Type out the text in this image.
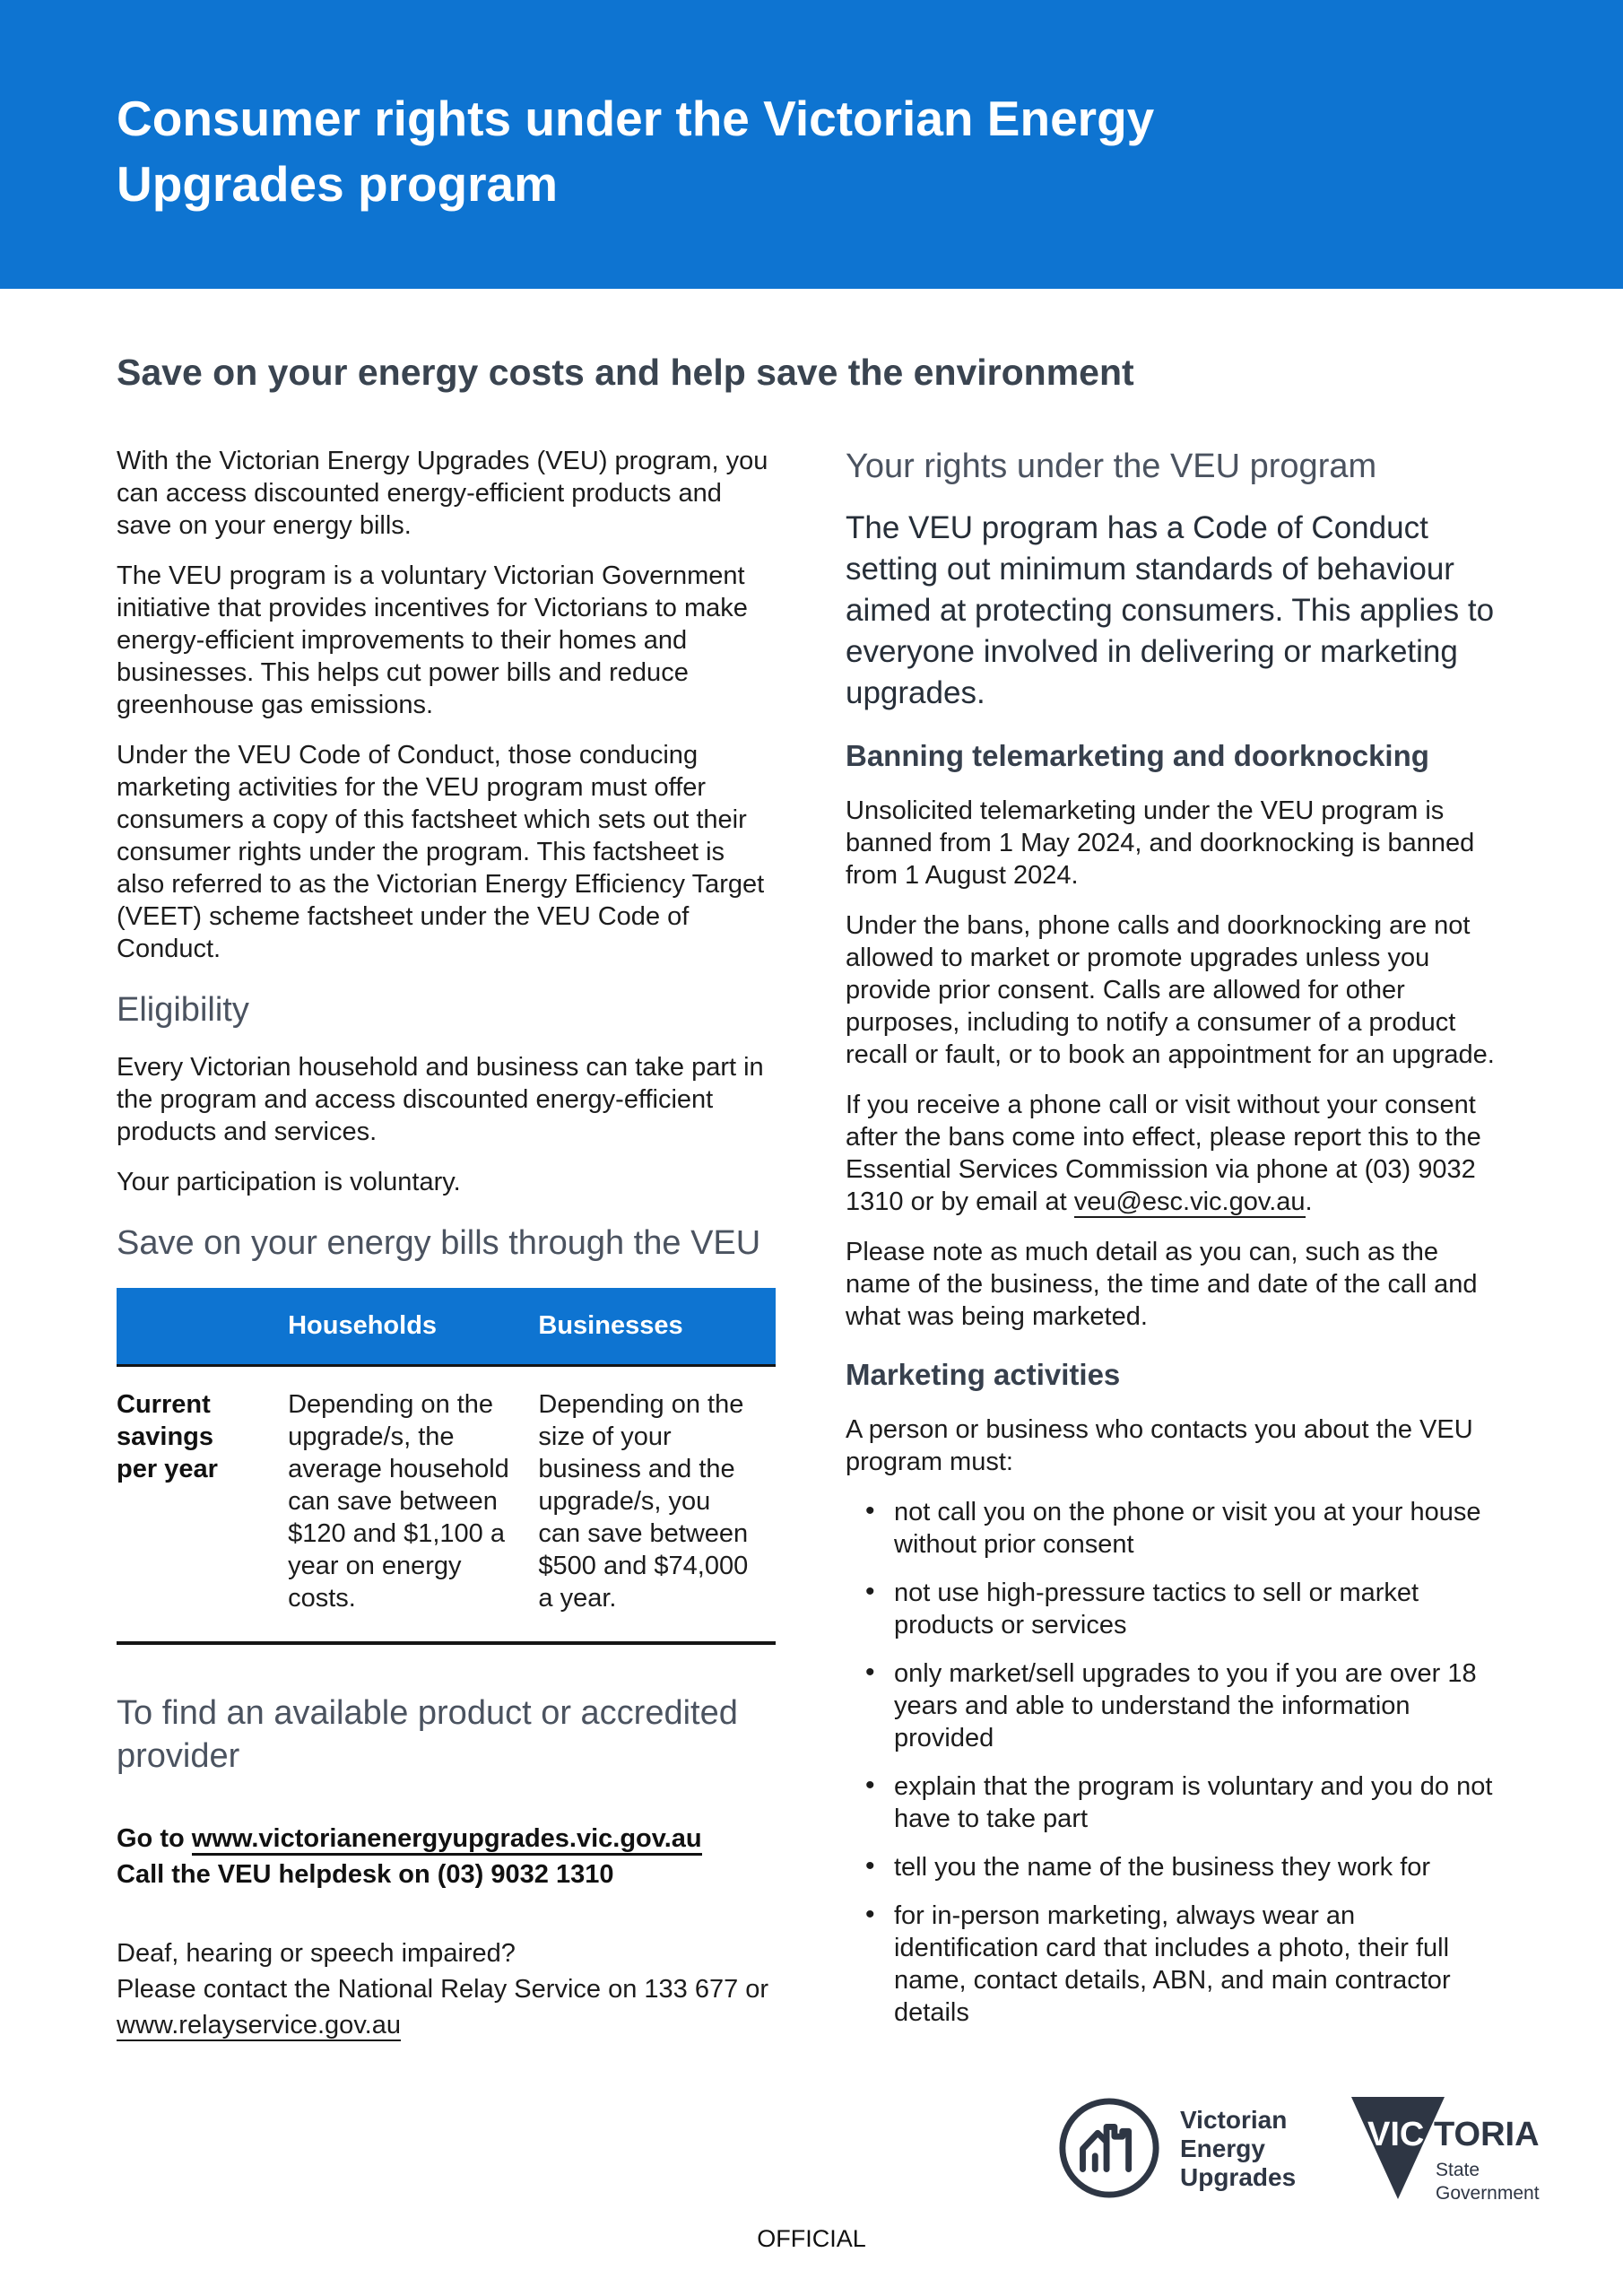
Consumer rights under the Victorian Energy Upgrades program
Save on your energy costs and help save the environment

With the Victorian Energy Upgrades (VEU) program, you can access discounted energy-efficient products and save on your energy bills.

The VEU program is a voluntary Victorian Government initiative that provides incentives for Victorians to make energy-efficient improvements to their homes and businesses. This helps cut power bills and reduce greenhouse gas emissions.

Under the VEU Code of Conduct, those conducing marketing activities for the VEU program must offer consumers a copy of this factsheet which sets out their consumer rights under the program. This factsheet is also referred to as the Victorian Energy Efficiency Target (VEET) scheme factsheet under the VEU Code of Conduct.

Eligibility

Every Victorian household and business can take part in the program and access discounted energy-efficient products and services.

Your participation is voluntary.

Save on your energy bills through the VEU
	Households	Businesses
Current savings per year	Depending on the upgrade/s, the average household can save between $120 and $1,100 a year on energy costs.	Depending on the size of your business and the upgrade/s, you can save between $500 and $74,000 a year.
To find an available product or accredited provider

Go to www.victorianenergyupgrades.vic.gov.au
Call the VEU helpdesk on (03) 9032 1310

Deaf, hearing or speech impaired?
Please contact the National Relay Service on 133 677 or www.relayservice.gov.au

Your rights under the VEU program

The VEU program has a Code of Conduct setting out minimum standards of behaviour aimed at protecting consumers. This applies to everyone involved in delivering or marketing upgrades.

Banning telemarketing and doorknocking

Unsolicited telemarketing under the VEU program is banned from 1 May 2024, and doorknocking is banned from 1 August 2024.

Under the bans, phone calls and doorknocking are not allowed to market or promote upgrades unless you provide prior consent. Calls are allowed for other purposes, including to notify a consumer of a product recall or fault, or to book an appointment for an upgrade.

If you receive a phone call or visit without your consent after the bans come into effect, please report this to the Essential Services Commission via phone at (03) 9032 1310 or by email at veu@esc.vic.gov.au.

Please note as much detail as you can, such as the name of the business, the time and date of the call and what was being marketed.

Marketing activities

A person or business who contacts you about the VEU program must:

• not call you on the phone or visit you at your house without prior consent
• not use high-pressure tactics to sell or market products or services
• only market/sell upgrades to you if you are over 18 years and able to understand the information provided
• explain that the program is voluntary and you do not have to take part
• tell you the name of the business they work for
• for in-person marketing, always wear an identification card that includes a photo, their full name, contact details, ABN, and main contractor details
Victorian
Energy
Upgrades
VIC TORIA
State
Government
OFFICIAL
